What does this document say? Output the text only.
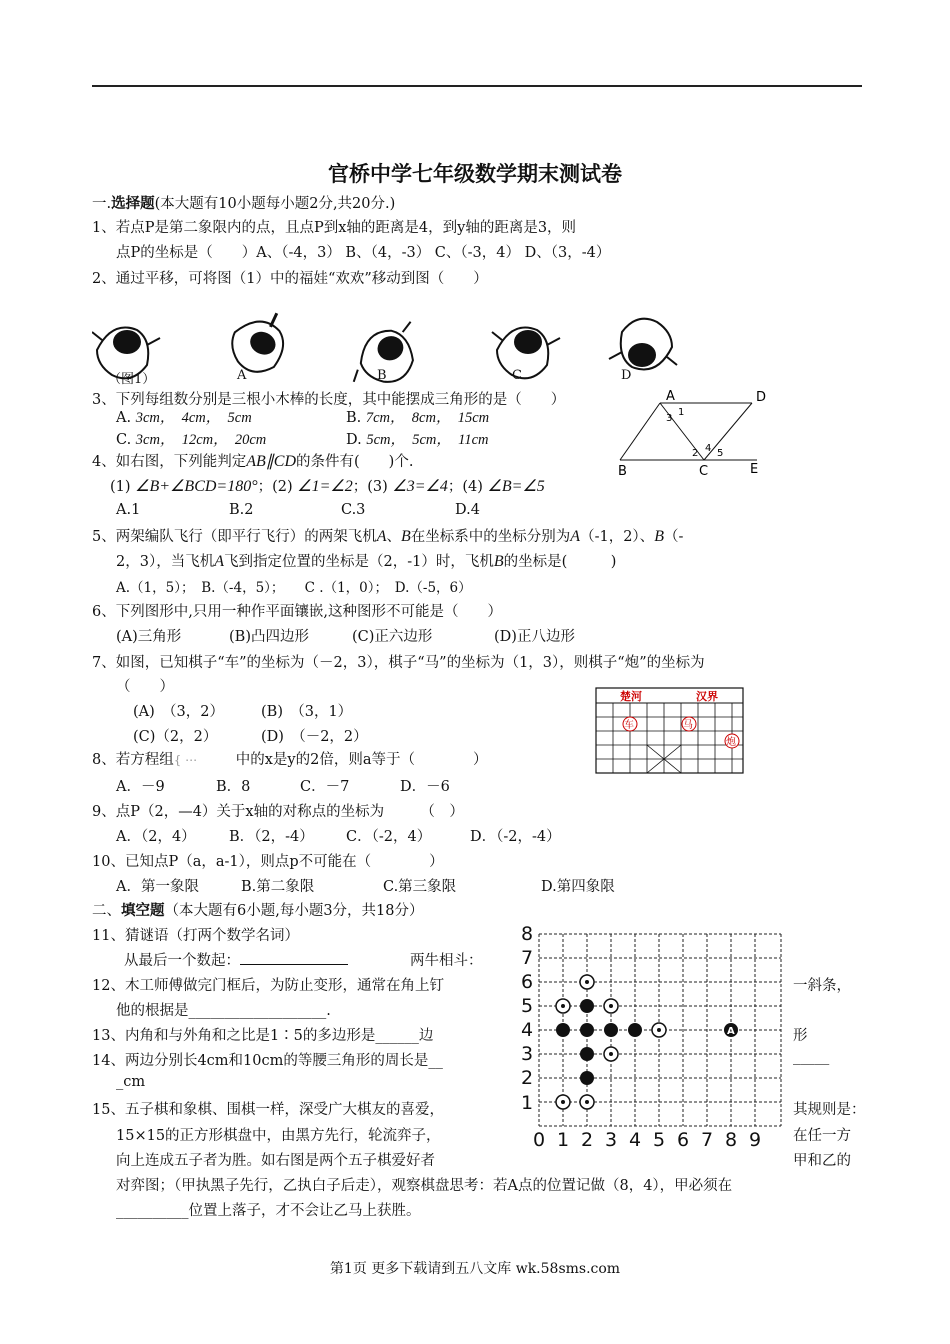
官桥中学七年级数学期末测试卷
一.选择题(本大题有10小题每小题2分,共20分.)
1、若点P是第二象限内的点，且点P到x轴的距离是4，到y轴的距离是3，则
点P的坐标是（　　）A、（-4，3） B、（4，-3） C、（-3，4） D、（3，-4）
2、通过平移，可将图（1）中的福娃“欢欢”移动到图（　　）
（图1）	A	B	C	D
3、下列每组数分别是三根小木棒的长度，其中能摆成三角形的是（　　）
A. 3cm，　4cm，　5cm	B. 7cm，　8cm，　15cm
C. 3cm，　12cm，　20cm	D. 5cm，　5cm，　11cm
A	D
B	C	E
1
3
2 4 5
4、如右图，下列能判定AB∥CD的条件有(　　)个.
(1) ∠B+∠BCD=180°；(2) ∠1=∠2；(3) ∠3=∠4；(4) ∠B=∠5
A.1	B.2	C.3	D.4
5、两架编队飞行（即平行飞行）的两架飞机A、B在坐标系中的坐标分别为A（-1，2）、B（-
2，3），当飞机A飞到指定位置的坐标是（2，-1）时，飞机B的坐标是(　　　)
A.（1，5）；　B.（-4，5）；　　C .（1，0）；　D.（-5，6）
6、下列图形中,只用一种作平面镶嵌,这种图形不可能是（　　）
(A)三角形	(B)凸四边形	(C)正六边形	(D)正八边形
7、如图，已知棋子“车”的坐标为（－2，3），棋子“马”的坐标为（1，3），则棋子“炮”的坐标为
（　　）
(A)　（3，2）	(B)　（3，1）
(C)（2，2）	(D)　（－2，2）
楚河	汉界
车	马
炮
8、若方程组{ ⋯	中的x是y的2倍，则a等于（　　　　）
A．－9	B．8	C．－7	D．－6
9、点P（2，—4）关于x轴的对称点的坐标为　　　（　）
A．（2，4） B．（2，-4） C．（-2，4）	D．（-2，-4）
10、已知点P（a，a-1），则点p不可能在（　　　　）
A．第一象限	B.第二象限	C.第三象限	D.第四象限
二、填空题（本大题有6小题,每小题3分，共18分）
11、猜谜语（打两个数学名词）
从最后一个数起：	两牛相斗：
12、木工师傅做完门框后，为防止变形，通常在角上钉	一斜条，
他的根据是___________________.
13、内角和与外角和之比是1∶5的多边形是______边	形
14、两边分别长4cm和10cm的等腰三角形的周长是__	_____
_cm
15、五子棋和象棋、围棋一样，深受广大棋友的喜爱，	其规则是：
15×15的正方形棋盘中，由黑方先行，轮流弈子，	在任一方
向上连成五子者为胜。如右图是两个五子棋爱好者	甲和乙的
对弈图；（甲执黑子先行，乙执白子后走），观察棋盘思考：若A点的位置记做（8，4），甲必须在
__________位置上落子，才不会让乙马上获胜。
8
7
6
5
4
3
2
1
0 1 2 3 4 5 6 7 8 9
A
第1页 更多下载请到五八文库 wk.58sms.com
